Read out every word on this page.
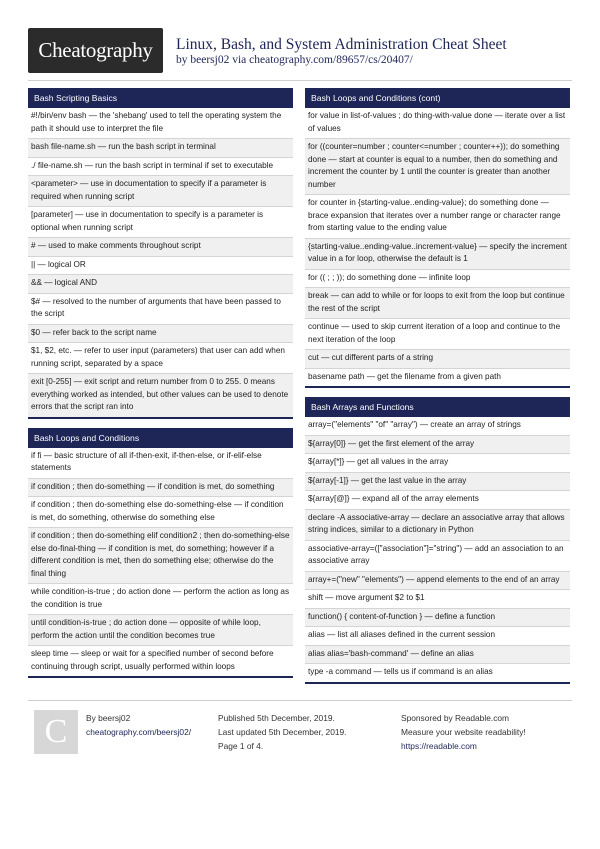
Cheatography	Linux, Bash, and System Administration Cheat Sheet
by beersj02 via cheatography.com/89657/cs/20407/
Bash Scripting Basics
#!/bin/env bash — the 'shebang' used to tell the operating system the path it should use to interpret the file
bash file-name.sh — run the bash script in terminal
./ file-name.sh — run the bash script in terminal if set to executable
<parameter> — use in documentation to specify if a parameter is required when running script
[parameter] — use in documentation to specify is a parameter is optional when running script
# — used to make comments throughout script
|| — logical OR
&& — logical AND
$# — resolved to the number of arguments that have been passed to the script
$0 — refer back to the script name
$1, $2, etc. — refer to user input (parameters) that user can add when running script, separated by a space
exit [0-255] — exit script and return number from 0 to 255. 0 means everything worked as intended, but other values can be used to denote errors that the script ran into
Bash Loops and Conditions
if fi — basic structure of all if-then-exit, if-then-else, or if-elif-else statements
if condition ; then do-something — if condition is met, do something
if condition ; then do-something else do-something-else — if condition is met, do something, otherwise do something else
if condition ; then do-something elif condition2 ; then do-something-else else do-final-thing — if condition is met, do something; however if a different condition is met, then do something else; otherwise do the final thing
while condition-is-true ; do action done — perform the action as long as the condition is true
until condition-is-true ; do action done — opposite of while loop, perform the action until the condition becomes true
sleep time — sleep or wait for a specified number of second before continuing through script, usually performed within loops
Bash Loops and Conditions (cont)
for value in list-of-values ; do thing-with-value done — iterate over a list of values
for ((counter=number ; counter<=number ; counter++)); do something done — start at counter is equal to a number, then do something and increment the counter by 1 until the counter is greater than another number
for counter in {starting-value..ending-value}; do something done — brace expansion that iterates over a number range or character range from starting value to the ending value
{starting-value..ending-value..increment-value} — specify the increment value in a for loop, otherwise the default is 1
for (( ; ; )); do something done — infinite loop
break — can add to while or for loops to exit from the loop but continue the rest of the script
continue — used to skip current iteration of a loop and continue to the next iteration of the loop
cut — cut different parts of a string
basename path — get the filename from a given path
Bash Arrays and Functions
array=("elements" "of" "array") — create an array of strings
${array[0]} — get the first element of the array
${array[*]} — get all values in the array
${array[-1]} — get the last value in the array
${array[@]} — expand all of the array elements
declare -A associative-array — declare an associative array that allows string indices, similar to a dictionary in Python
associative-array=(["association"]="string") — add an association to an associative array
array+=("new" "elements") — append elements to the end of an array
shift — move argument $2 to $1
function() { content-of-function } — define a function
alias — list all aliases defined in the current session
alias alias='bash-command' — define an alias
type -a command — tells us if command is an alias
C	By beersj02
cheatography.com/beersj02/
Published 5th December, 2019.
Last updated 5th December, 2019.
Page 1 of 4.
Sponsored by Readable.com
Measure your website readability!
https://readable.com
